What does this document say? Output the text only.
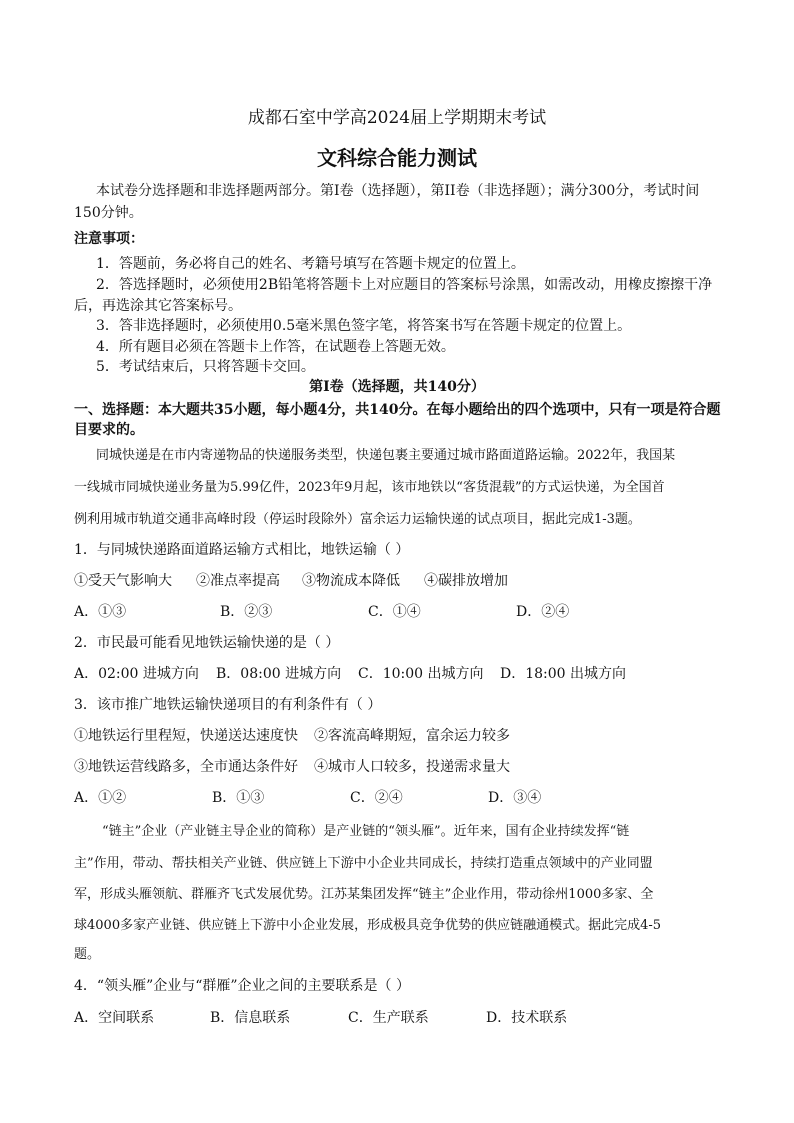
成都石室中学高2024届上学期期末考试
文科综合能力测试
本试卷分选择题和非选择题两部分。第I卷（选择题），第II卷（非选择题）；满分300分，考试时间
150分钟。
注意事项：
1．答题前，务必将自己的姓名、考籍号填写在答题卡规定的位置上。
2．答选择题时，必须使用2B铅笔将答题卡上对应题目的答案标号涂黑，如需改动，用橡皮擦擦干净
后，再选涂其它答案标号。
3．答非选择题时，必须使用0.5毫米黑色签字笔，将答案书写在答题卡规定的位置上。
4．所有题目必须在答题卡上作答，在试题卷上答题无效。
5．考试结束后，只将答题卡交回。
第I卷（选择题，共140分）
一、选择题：本大题共35小题，每小题4分，共140分。在每小题给出的四个选项中，只有一项是符合题
目要求的。
同城快递是在市内寄递物品的快递服务类型，快递包裹主要通过城市路面道路运输。2022年，我国某
一线城市同城快递业务量为5.99亿件，2023年9月起，该市地铁以“客货混载”的方式运快递，为全国首
例利用城市轨道交通非高峰时段（停运时段除外）富余运力运输快递的试点项目，据此完成1-3题。
1．与同城快递路面道路运输方式相比，地铁运输（ ）
①受天气影响大 ②准点率提高 ③物流成本降低 ④碳排放增加
A．①③	B．②③	C．①④	D．②④
2．市民最可能看见地铁运输快递的是（ ）
A．02:00 进城方向 B．08:00 进城方向 C．10:00 出城方向 D．18:00 出城方向
3．该市推广地铁运输快递项目的有利条件有（ ）
①地铁运行里程短，快递送达速度快 ②客流高峰期短，富余运力较多
③地铁运营线路多，全市通达条件好 ④城市人口较多，投递需求量大
A．①②	B．①③	C．②④	D．③④
“链主”企业（产业链主导企业的简称）是产业链的“领头雁”。近年来，国有企业持续发挥“链
主”作用，带动、帮扶相关产业链、供应链上下游中小企业共同成长，持续打造重点领域中的产业同盟
军，形成头雁领航、群雁齐飞式发展优势。江苏某集团发挥“链主”企业作用，带动徐州1000多家、全
球4000多家产业链、供应链上下游中小企业发展，形成极具竞争优势的供应链融通模式。据此完成4-5
题。
4．“领头雁”企业与“群雁”企业之间的主要联系是（ ）
A．空间联系	B．信息联系	C．生产联系	D．技术联系
